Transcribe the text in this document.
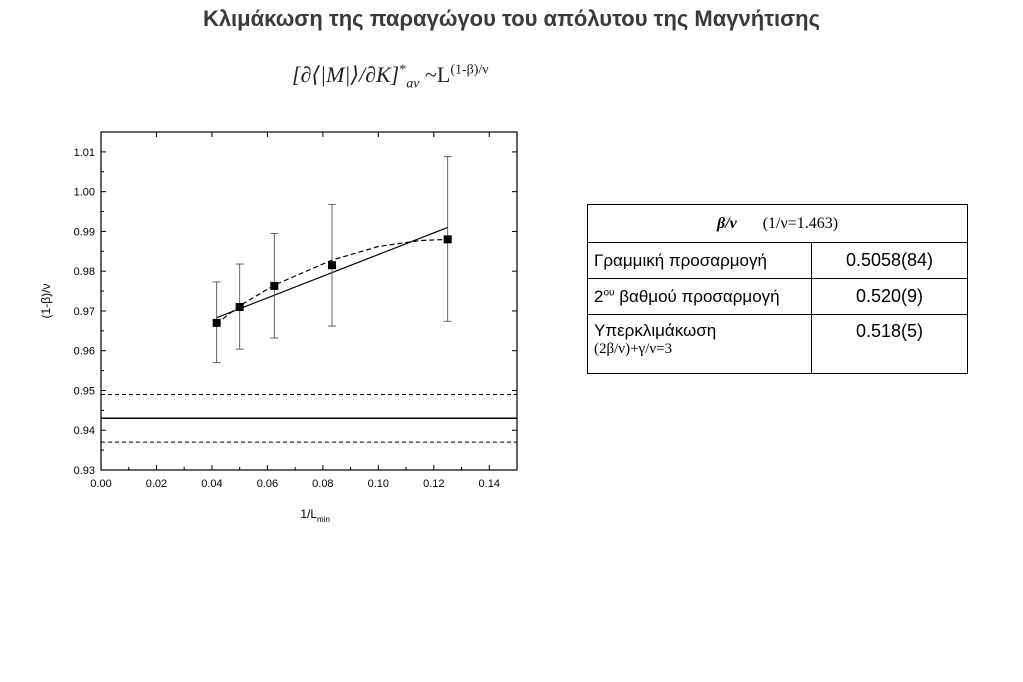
Κλιμάκωση της παραγώγου του απόλυτου της Μαγνήτισης
$[\partial⟨|M|⟩/\partial K]^*_{av}$ $\sim L^{(1-\beta)/\nu}$
0.00	0.02	0.04	0.06	0.08	0.10	0.12	0.14
0.93
0.94
0.95
0.96
0.97
0.98
0.99
1.00
1.01
1/L min
(1-β)/ν
β/ν (1/ν=1.463)	
Γραμμική προσαρμογή	0.5058(84)
$2^{o\upsilon}$ βαθμού προσαρμογή	0.520(9)
Υπερκλιμάκωση
(2β/ν)+γ/ν=3	0.518(5)
